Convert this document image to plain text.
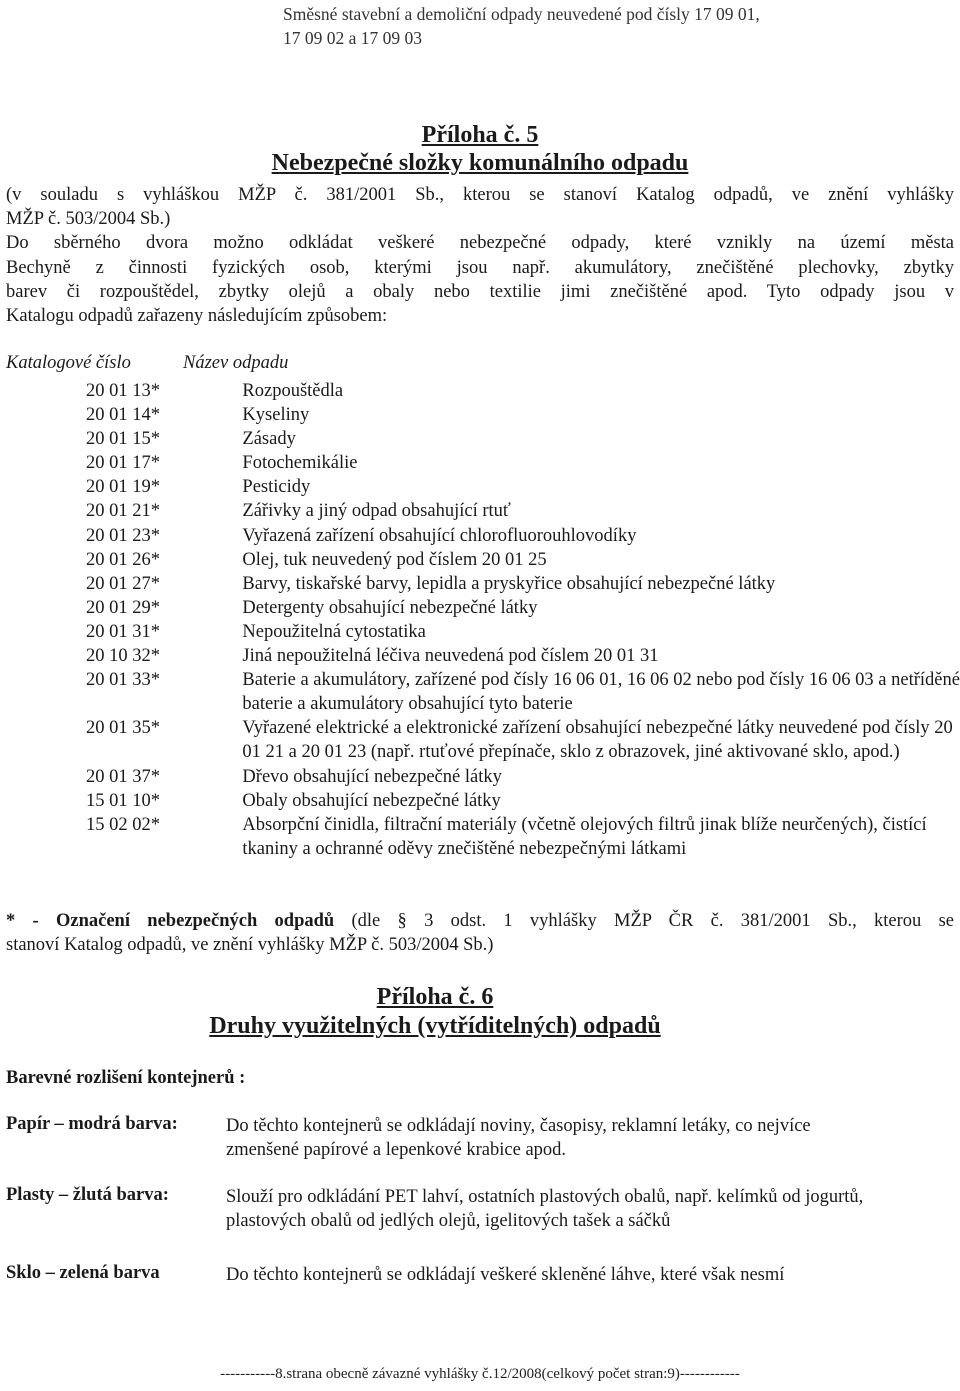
Směsné stavební a demoliční odpady neuvedené pod čísly 17 09 01,
17 09 02 a 17 09 03
Příloha č. 5
Nebezpečné složky komunálního odpadu
(v souladu s vyhláškou MŽP č. 381/2001 Sb., kterou se stanoví Katalog odpadů, ve znění vyhlášky
MŽP č. 503/2004 Sb.)
Do sběrného dvora možno odkládat veškeré nebezpečné odpady, které vznikly na území města
Bechyně z činnosti fyzických osob, kterými jsou např. akumulátory, znečištěné plechovky, zbytky
barev či rozpouštědel, zbytky olejů a obaly nebo textilie jimi znečištěné apod. Tyto odpady jsou v
Katalogu odpadů zařazeny následujícím způsobem:
Katalogové číslo	Název odpadu
20 01 13*	Rozpouštědla
20 01 14*	Kyseliny
20 01 15*	Zásady
20 01 17*	Fotochemikálie
20 01 19*	Pesticidy
20 01 21*	Zářivky a jiný odpad obsahující rtuť
20 01 23*	Vyřazená zařízení obsahující chlorofluorouhlovodíky
20 01 26*	Olej, tuk neuvedený pod číslem 20 01 25
20 01 27*	Barvy, tiskařské barvy, lepidla a pryskyřice obsahující nebezpečné látky
20 01 29*	Detergenty obsahující nebezpečné látky
20 01 31*	Nepoužitelná cytostatika
20 10 32*	Jiná nepoužitelná léčiva neuvedená pod číslem 20 01 31
20 01 33*	Baterie a akumulátory, zařízené pod čísly 16 06 01, 16 06 02 nebo pod čísly 16 06 03 a netříděné baterie a akumulátory obsahující tyto baterie
20 01 35*	Vyřazené elektrické a elektronické zařízení obsahující nebezpečné látky neuvedené pod čísly 20 01 21 a 20 01 23 (např. rtuťové přepínače, sklo z obrazovek, jiné aktivované sklo, apod.)
20 01 37*	Dřevo obsahující nebezpečné látky
15 01 10*	Obaly obsahující nebezpečné látky
15 02 02*	Absorpční činidla, filtrační materiály (včetně olejových filtrů jinak blíže neurčených), čistící tkaniny a ochranné oděvy znečištěné nebezpečnými látkami
* - Označení nebezpečných odpadů (dle § 3 odst. 1 vyhlášky MŽP ČR č. 381/2001 Sb., kterou se
stanoví Katalog odpadů, ve znění vyhlášky MŽP č. 503/2004 Sb.)
Příloha č. 6
Druhy využitelných (vytříditelných) odpadů
Barevné rozlišení kontejnerů :
Papír – modrá barva:	Do těchto kontejnerů se odkládají noviny, časopisy, reklamní letáky, co nejvíce zmenšené papírové a lepenkové krabice apod.
Plasty – žlutá barva:	Slouží pro odkládání PET lahví, ostatních plastových obalů, např. kelímků od jogurtů, plastových obalů od jedlých olejů, igelitových tašek a sáčků
Sklo – zelená barva	Do těchto kontejnerů se odkládají veškeré skleněné láhve, které však nesmí
-----------8.strana obecně závazné vyhlášky č.12/2008(celkový počet stran:9)------------
